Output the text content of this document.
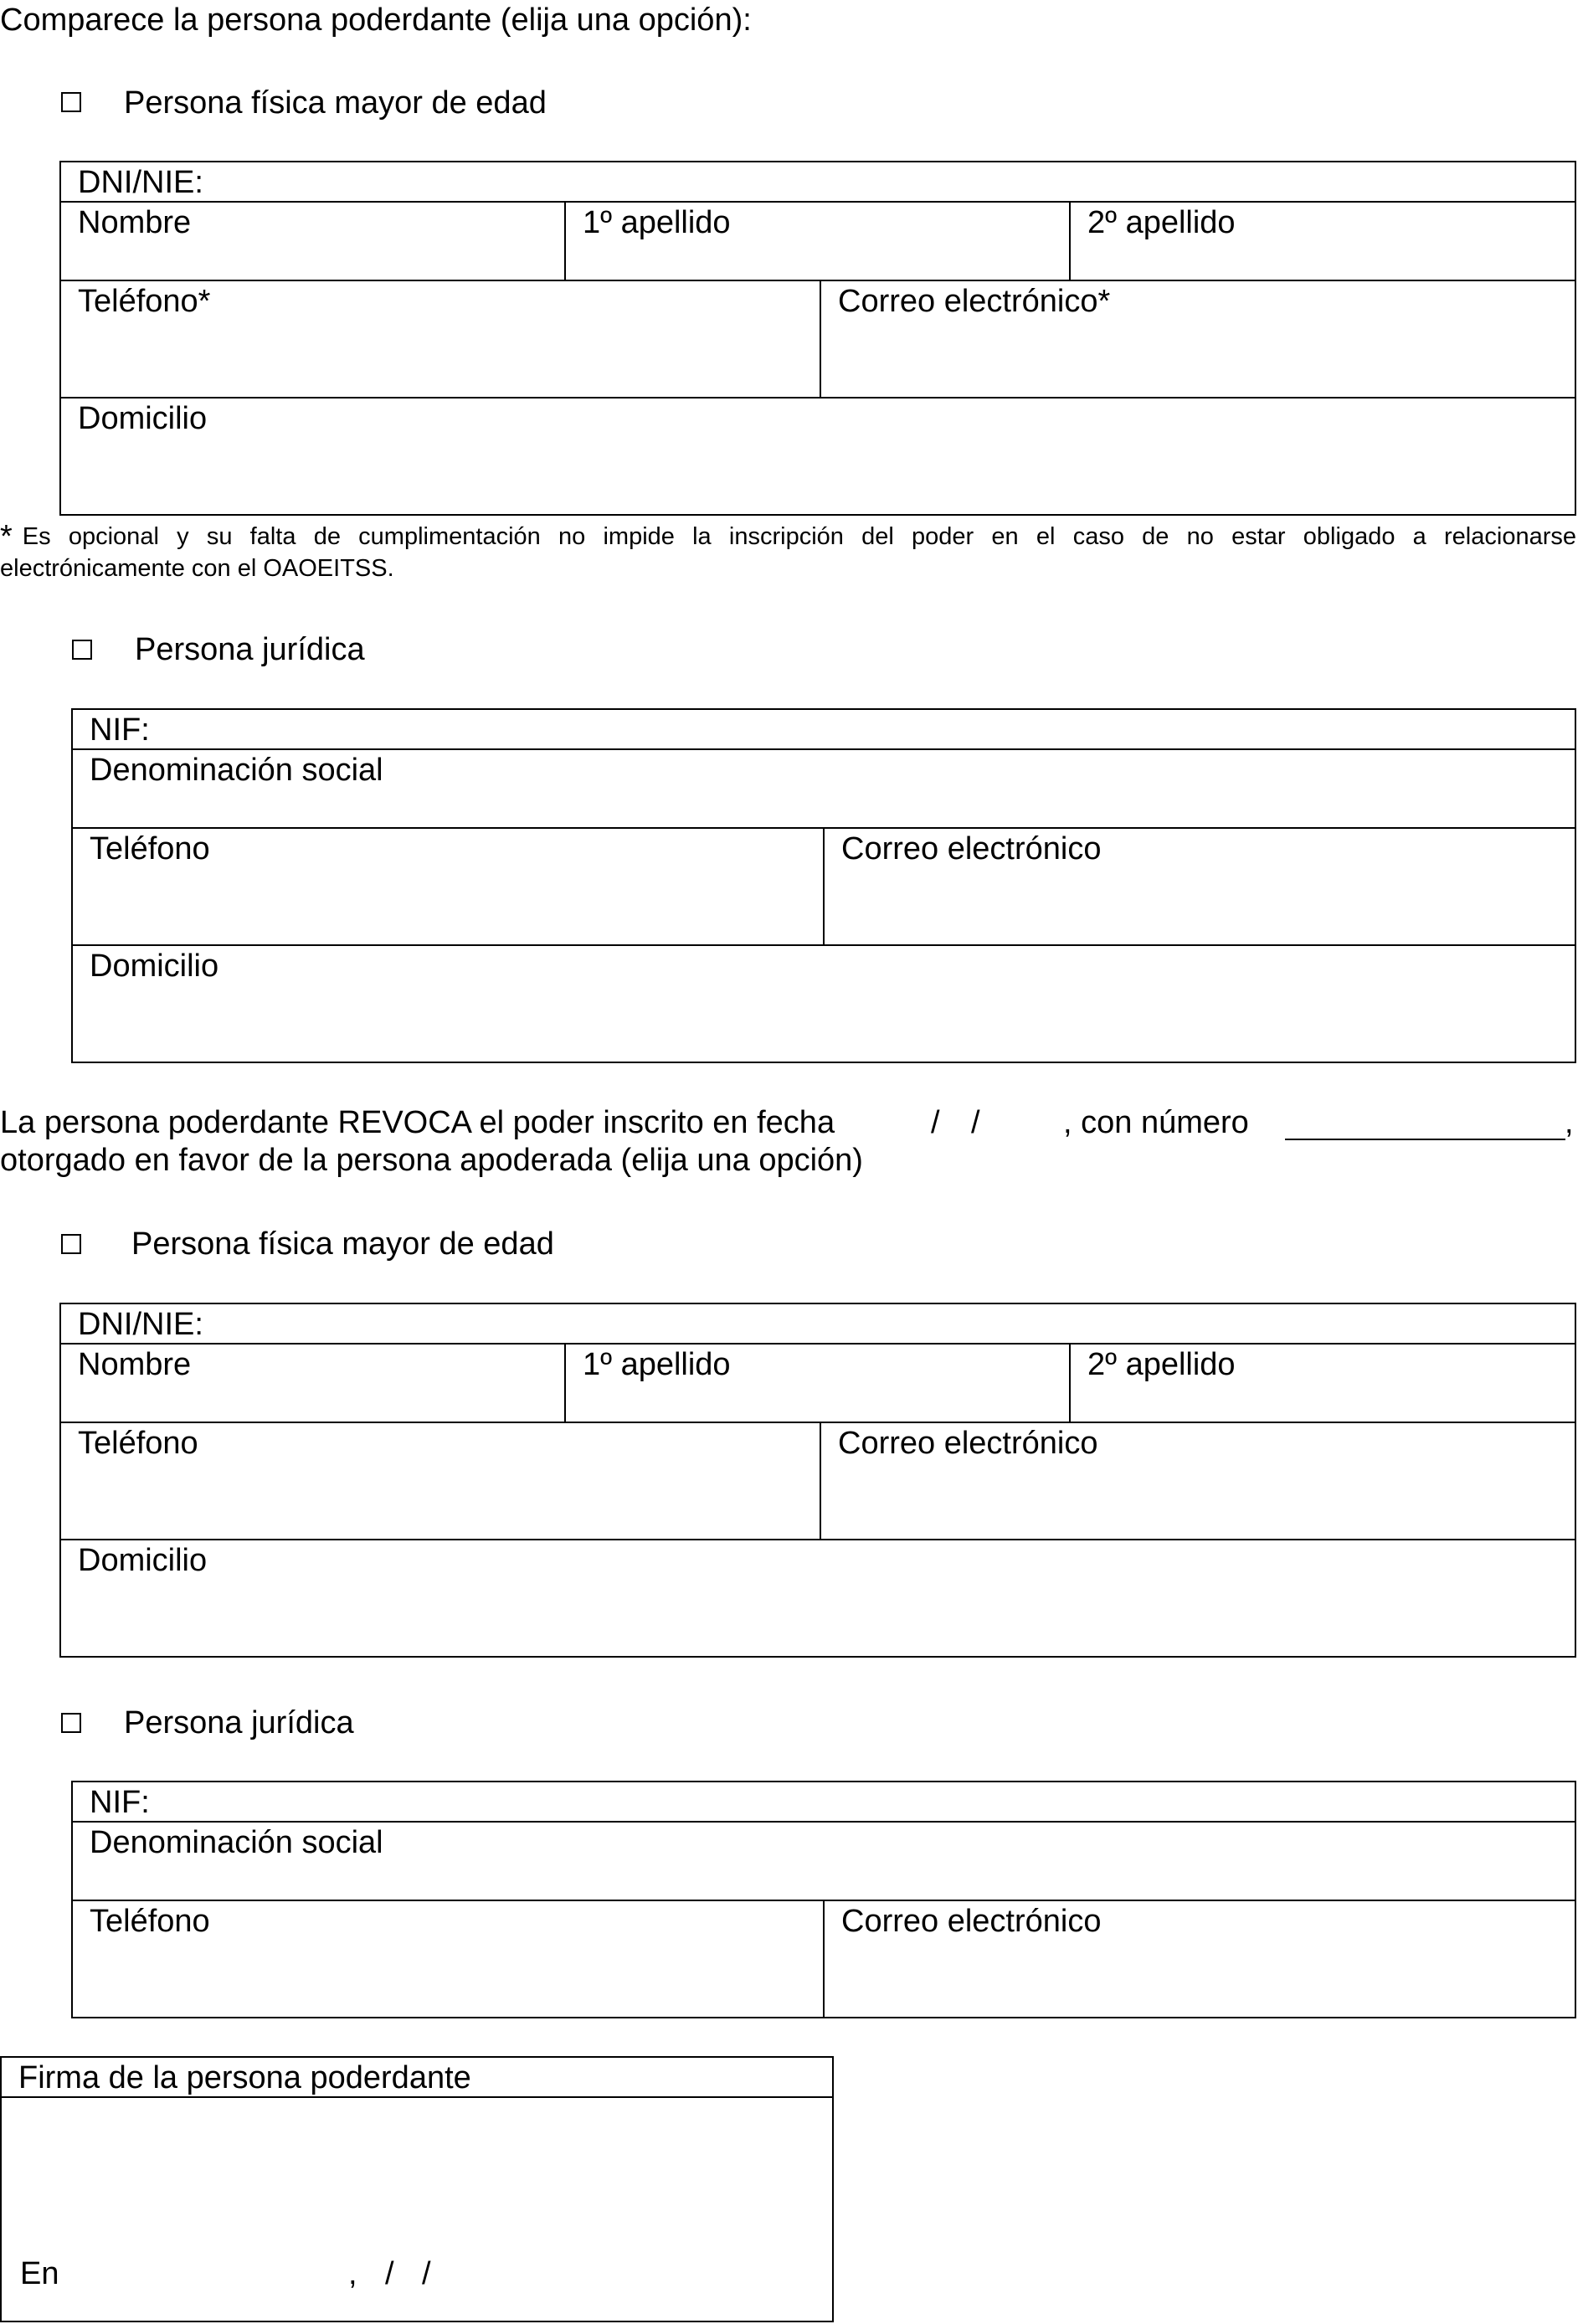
Comparece la persona poderdante (elija una opción):
Persona física mayor de edad
DNI/NIE:
Nombre	1º apellido	2º apellido
Teléfono*	Correo electrónico*
Domicilio
* Es opcional y su falta de cumplimentación no impide la inscripción del poder en el caso de no estar obligado a relacionarse
electrónicamente con el OAOEITSS.
Persona jurídica
NIF:
Denominación social
Teléfono	Correo electrónico
Domicilio
La persona poderdante REVOCA el poder inscrito en fecha	/ /	, con número	,
otorgado en favor de la persona apoderada (elija una opción)
Persona física mayor de edad
DNI/NIE:
Nombre	1º apellido	2º apellido
Teléfono	Correo electrónico
Domicilio
Persona jurídica
NIF:
Denominación social
Teléfono	Correo electrónico
Firma de la persona poderdante
En	, / /
